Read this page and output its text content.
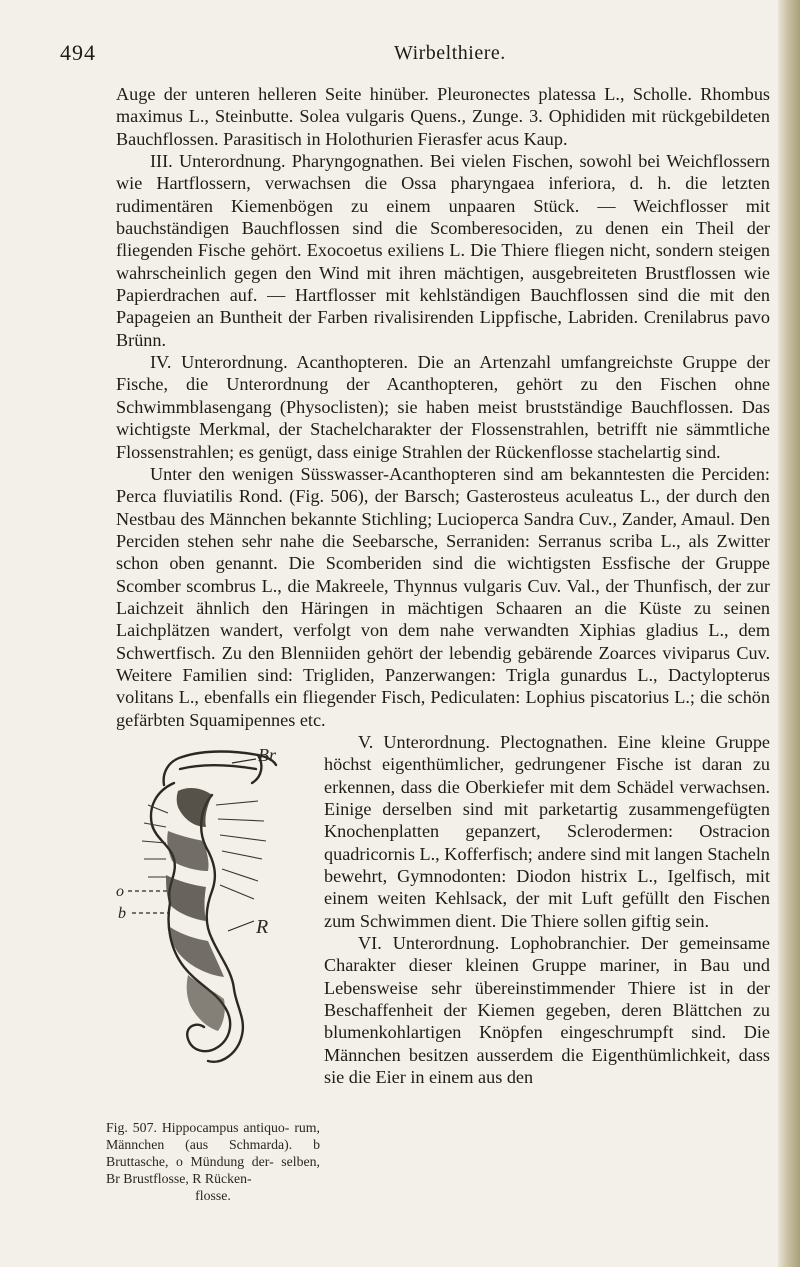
494	Wirbelthiere.

Auge der unteren helleren Seite hinüber. Pleuronectes platessa L., Scholle. Rhombus maximus L., Steinbutte. Solea vulgaris Quens., Zunge. 3. Ophididen mit rückgebildeten Bauchflossen. Parasitisch in Holothurien Fierasfer acus Kaup.

III. Unterordnung. Pharyngognathen. Bei vielen Fischen, sowohl bei Weichflossern wie Hartflossern, verwachsen die Ossa pharyngaea inferiora, d. h. die letzten rudimentären Kiemenbögen zu einem unpaaren Stück. — Weichflosser mit bauchständigen Bauchflossen sind die Scomberesociden, zu denen ein Theil der fliegenden Fische gehört. Exocoetus exiliens L. Die Thiere fliegen nicht, sondern steigen wahrscheinlich gegen den Wind mit ihren mächtigen, ausgebreiteten Brustflossen wie Papierdrachen auf. — Hartflosser mit kehlständigen Bauchflossen sind die mit den Papageien an Buntheit der Farben rivalisirenden Lippfische, Labriden. Crenilabrus pavo Brünn.

IV. Unterordnung. Acanthopteren. Die an Artenzahl umfangreichste Gruppe der Fische, die Unterordnung der Acanthopteren, gehört zu den Fischen ohne Schwimmblasengang (Physoclisten); sie haben meist brustständige Bauchflossen. Das wichtigste Merkmal, der Stachelcharakter der Flossenstrahlen, betrifft nie sämmtliche Flossenstrahlen; es genügt, dass einige Strahlen der Rückenflosse stachelartig sind.

Unter den wenigen Süsswasser-Acanthopteren sind am bekanntesten die Perciden: Perca fluviatilis Rond. (Fig. 506), der Barsch; Gasterosteus aculeatus L., der durch den Nestbau des Männchen bekannte Stichling; Lucioperca Sandra Cuv., Zander, Amaul. Den Perciden stehen sehr nahe die Seebarsche, Serraniden: Serranus scriba L., als Zwitter schon oben genannt. Die Scomberiden sind die wichtigsten Essfische der Gruppe Scomber scombrus L., die Makreele, Thynnus vulgaris Cuv. Val., der Thunfisch, der zur Laichzeit ähnlich den Häringen in mächtigen Schaaren an die Küste zu seinen Laichplätzen wandert, verfolgt von dem nahe verwandten Xiphias gladius L., dem Schwertfisch. Zu den Blenniiden gehört der lebendig gebärende Zoarces viviparus Cuv. Weitere Familien sind: Trigliden, Panzerwangen: Trigla gunardus L., Dactylopterus volitans L., ebenfalls ein fliegender Fisch, Pediculaten: Lophius piscatorius L.; die schön gefärbten Squamipennes etc.

Br
o
b
R
Fig. 507. Hippocampus antiquo- rum, Männchen (aus Schmarda). b Bruttasche, o Mündung der- selben, Br Brustflosse, R Rücken-
flosse.

V. Unterordnung. Plectognathen. Eine kleine Gruppe höchst eigenthümlicher, gedrungener Fische ist daran zu erkennen, dass die Oberkiefer mit dem Schädel verwachsen. Einige derselben sind mit parketartig zusammengefügten Knochenplatten gepanzert, Sclerodermen: Ostracion quadricornis L., Kofferfisch; andere sind mit langen Stacheln bewehrt, Gymnodonten: Diodon histrix L., Igelfisch, mit einem weiten Kehlsack, der mit Luft gefüllt den Fischen zum Schwimmen dient. Die Thiere sollen giftig sein.

VI. Unterordnung. Lophobranchier. Der gemeinsame Charakter dieser kleinen Gruppe mariner, in Bau und Lebensweise sehr übereinstimmender Thiere ist in der Beschaffenheit der Kiemen gegeben, deren Blättchen zu blumenkohlartigen Knöpfen eingeschrumpft sind. Die Männchen besitzen ausserdem die Eigenthümlichkeit, dass sie die Eier in einem aus den
